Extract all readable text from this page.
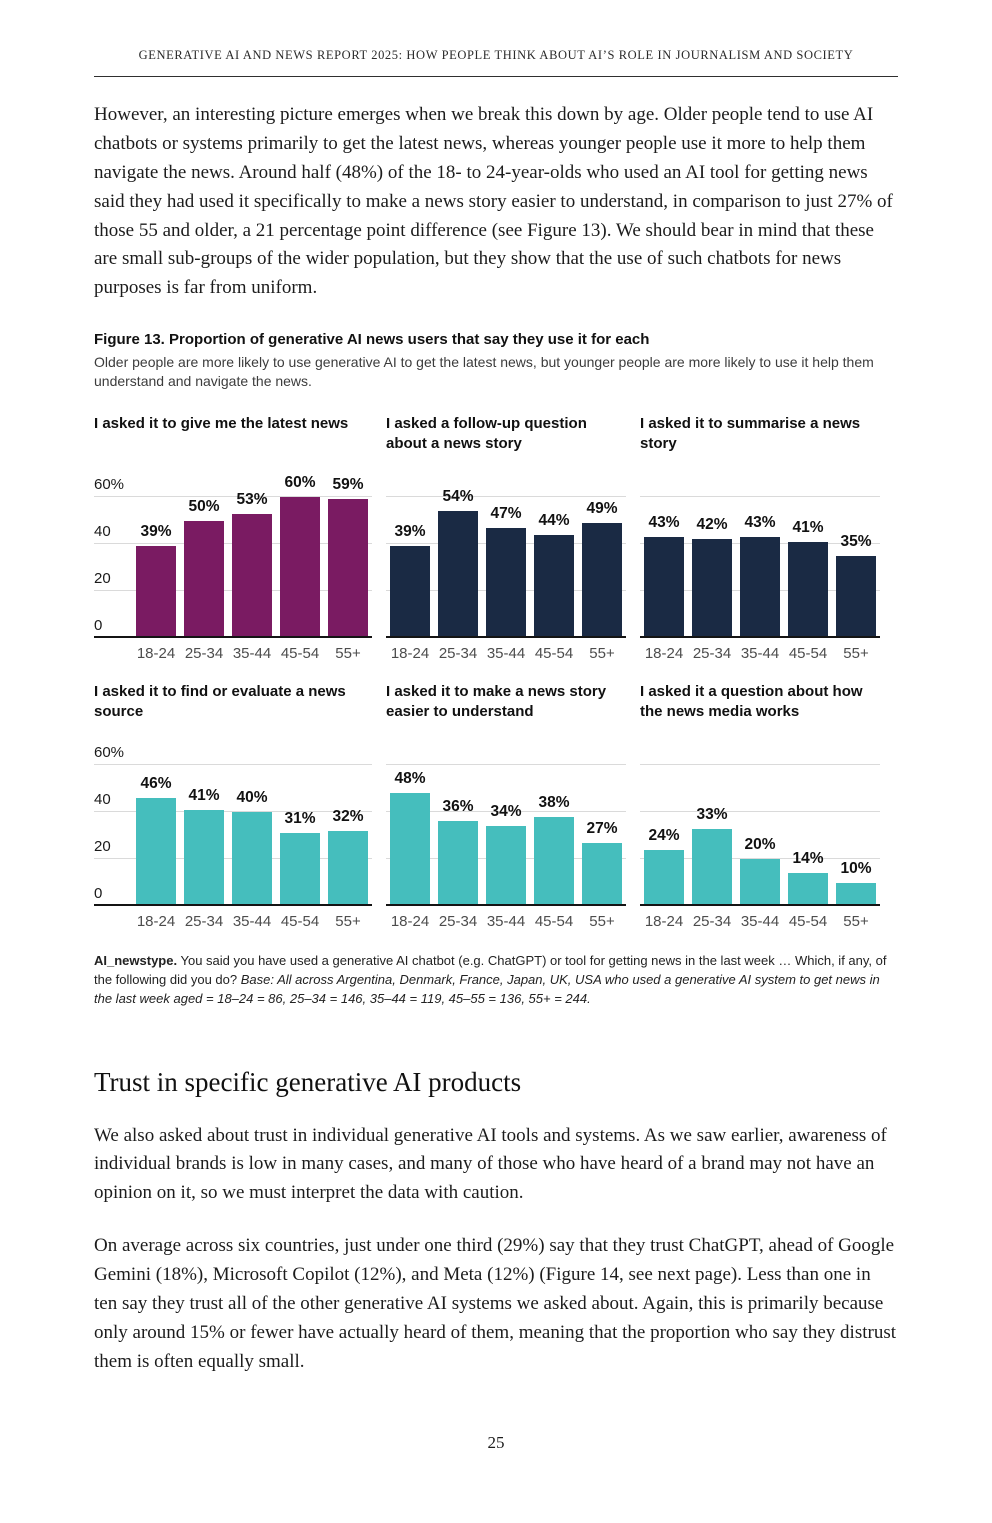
GENERATIVE AI AND NEWS REPORT 2025: HOW PEOPLE THINK ABOUT AI’S ROLE IN JOURNALISM AND SOCIETY

However, an interesting picture emerges when we break this down by age. Older people tend to use AI chatbots or systems primarily to get the latest news, whereas younger people use it more to help them navigate the news. Around half (48%) of the 18- to 24-year-olds who used an AI tool for getting news said they had used it specifically to make a news story easier to understand, in comparison to just 27% of those 55 and older, a 21 percentage point difference (see Figure 13). We should bear in mind that these are small sub-groups of the wider population, but they show that the use of such chatbots for news purposes is far from uniform.

Figure 13. Proportion of generative AI news users that say they use it for each
Older people are more likely to use generative AI to get the latest news, but younger people are more likely to use it help them understand and navigate the news.
I asked it to give me the latest news
60%
40
20
0
39%
50% 53%
60% 59%
18-24 25-34 35-44 45-54	55+
I asked a follow-up question about a news story
39%
54%
47% 44%
49%
18-24 25-34 35-44 45-54	55+
I asked it to summarise a news story
43% 42% 43% 41%
35%
18-24 25-34 35-44 45-54	55+
I asked it to find or evaluate a news source
60%
40
20
0
46%
41% 40%
31% 32%
18-24 25-34 35-44 45-54	55+
I asked it to make a news story easier to understand
48%
36% 34%
38%
27%
18-24 25-34 35-44 45-54	55+
I asked it a question about how the news media works
24%
33%
20%
14%
10%
18-24 25-34 35-44 45-54	55+

AI_newstype. You said you have used a generative AI chatbot (e.g. ChatGPT) or tool for getting news in the last week … Which, if any, of the following did you do? Base: All across Argentina, Denmark, France, Japan, UK, USA who used a generative AI system to get news in the last week aged = 18–24 = 86, 25–34 = 146, 35–44 = 119, 45–55 = 136, 55+ = 244.

Trust in specific generative AI products

We also asked about trust in individual generative AI tools and systems. As we saw earlier, awareness of individual brands is low in many cases, and many of those who have heard of a brand may not have an opinion on it, so we must interpret the data with caution.

On average across six countries, just under one third (29%) say that they trust ChatGPT, ahead of Google Gemini (18%), Microsoft Copilot (12%), and Meta (12%) (Figure 14, see next page). Less than one in ten say they trust all of the other generative AI systems we asked about. Again, this is primarily because only around 15% or fewer have actually heard of them, meaning that the proportion who say they distrust them is often equally small.

25
